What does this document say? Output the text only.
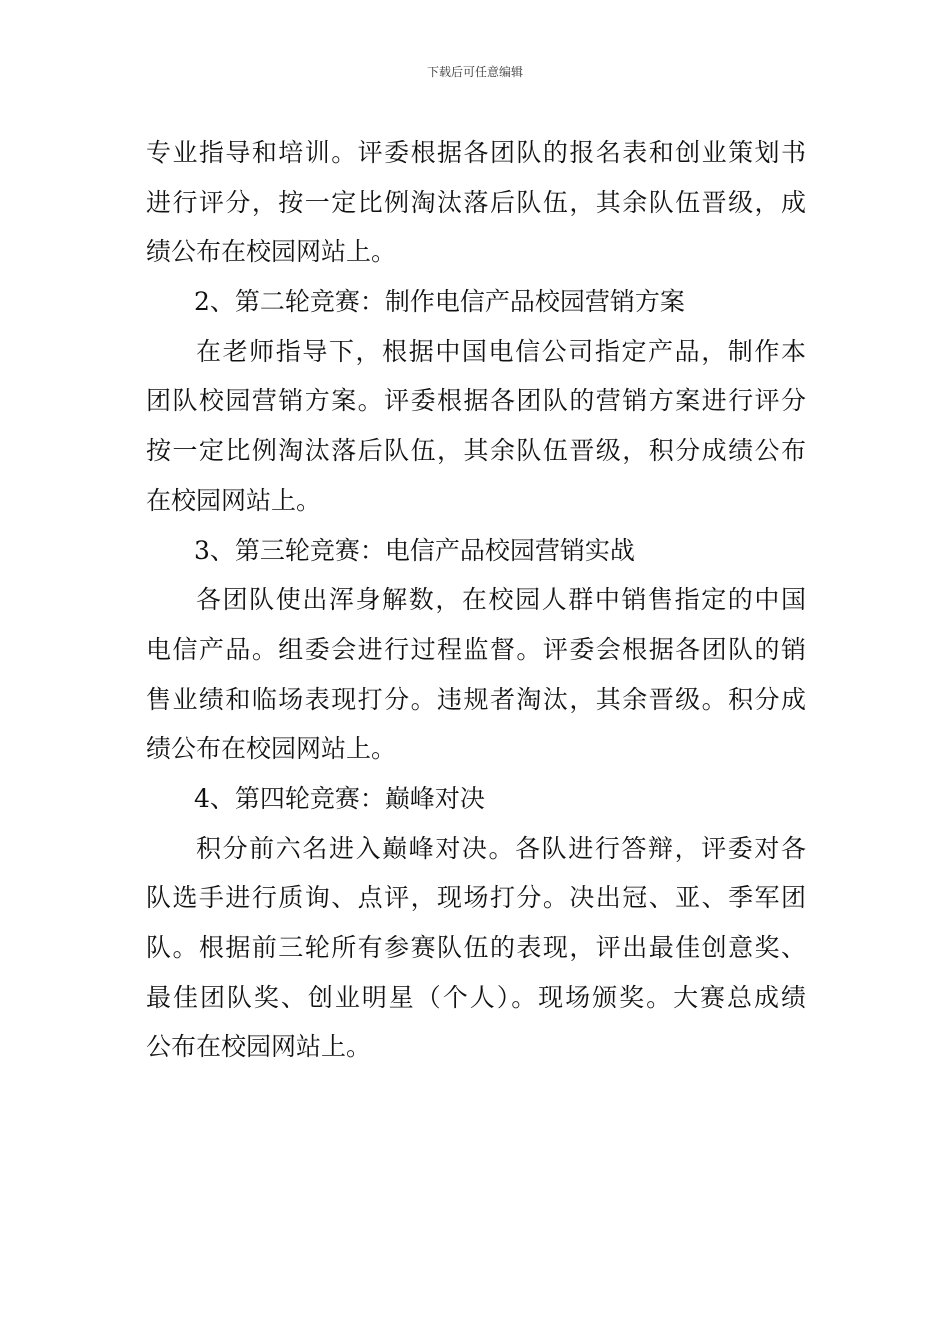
下载后可任意编辑
专业指导和培训。评委根据各团队的报名表和创业策划书
进行评分，按一定比例淘汰落后队伍，其余队伍晋级，成
绩公布在校园网站上。
2、第二轮竞赛：制作电信产品校园营销方案
在老师指导下，根据中国电信公司指定产品，制作本
团队校园营销方案。评委根据各团队的营销方案进行评分
按一定比例淘汰落后队伍，其余队伍晋级，积分成绩公布
在校园网站上。
3、第三轮竞赛：电信产品校园营销实战
各团队使出浑身解数，在校园人群中销售指定的中国
电信产品。组委会进行过程监督。评委会根据各团队的销
售业绩和临场表现打分。违规者淘汰，其余晋级。积分成
绩公布在校园网站上。
4、第四轮竞赛：巅峰对决
积分前六名进入巅峰对决。各队进行答辩，评委对各
队选手进行质询、点评，现场打分。决出冠、亚、季军团
队。根据前三轮所有参赛队伍的表现，评出最佳创意奖、
最佳团队奖、创业明星（个人）。现场颁奖。大赛总成绩
公布在校园网站上。
